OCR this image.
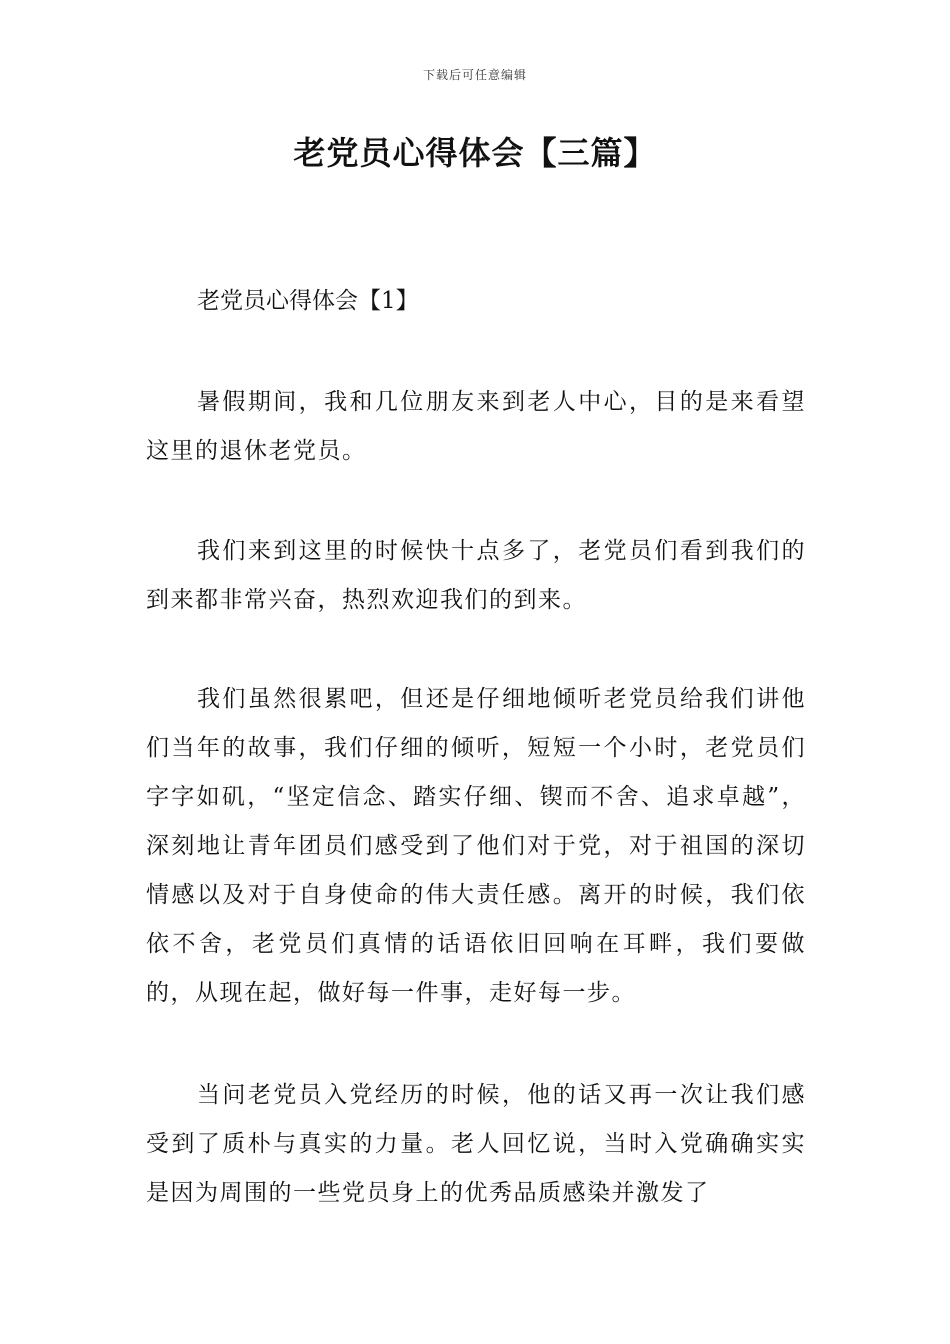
下载后可任意编辑
老党员心得体会【三篇】
老党员心得体会【1】

暑假期间，我和几位朋友来到老人中心，目的是来看望这里的退休老党员。

我们来到这里的时候快十点多了，老党员们看到我们的到来都非常兴奋，热烈欢迎我们的到来。

我们虽然很累吧，但还是仔细地倾听老党员给我们讲他们当年的故事，我们仔细的倾听，短短一个小时，老党员们字字如矶，“坚定信念、踏实仔细、锲而不舍、追求卓越”，深刻地让青年团员们感受到了他们对于党，对于祖国的深切情感以及对于自身使命的伟大责任感。离开的时候，我们依依不舍，老党员们真情的话语依旧回响在耳畔，我们要做的，从现在起，做好每一件事，走好每一步。

当问老党员入党经历的时候，他的话又再一次让我们感受到了质朴与真实的力量。老人回忆说，当时入党确确实实是因为周围的一些党员身上的优秀品质感染并激发了
